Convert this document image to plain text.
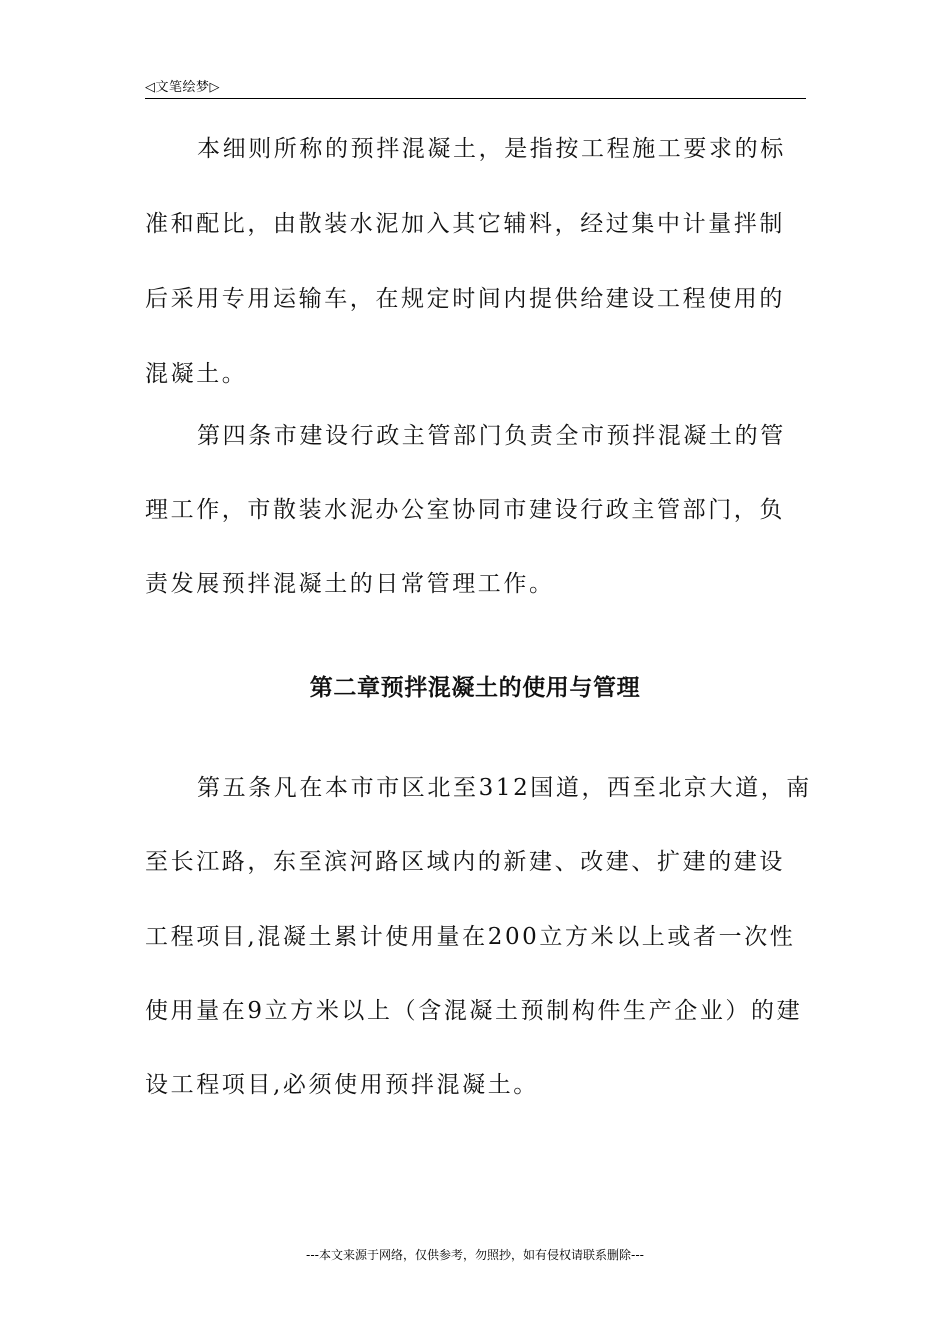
◁文笔绘梦▷
本细则所称的预拌混凝土，是指按工程施工要求的标
准和配比，由散装水泥加入其它辅料，经过集中计量拌制
后采用专用运输车，在规定时间内提供给建设工程使用的
混凝土。
第四条市建设行政主管部门负责全市预拌混凝土的管
理工作，市散装水泥办公室协同市建设行政主管部门，负
责发展预拌混凝土的日常管理工作。
第二章预拌混凝土的使用与管理
第五条凡在本市市区北至312国道，西至北京大道，南
至长江路，东至滨河路区域内的新建、改建、扩建的建设
工程项目,混凝土累计使用量在200立方米以上或者一次性
使用量在9立方米以上（含混凝土预制构件生产企业）的建
设工程项目,必须使用预拌混凝土。
---本文来源于网络，仅供参考，勿照抄，如有侵权请联系删除---
